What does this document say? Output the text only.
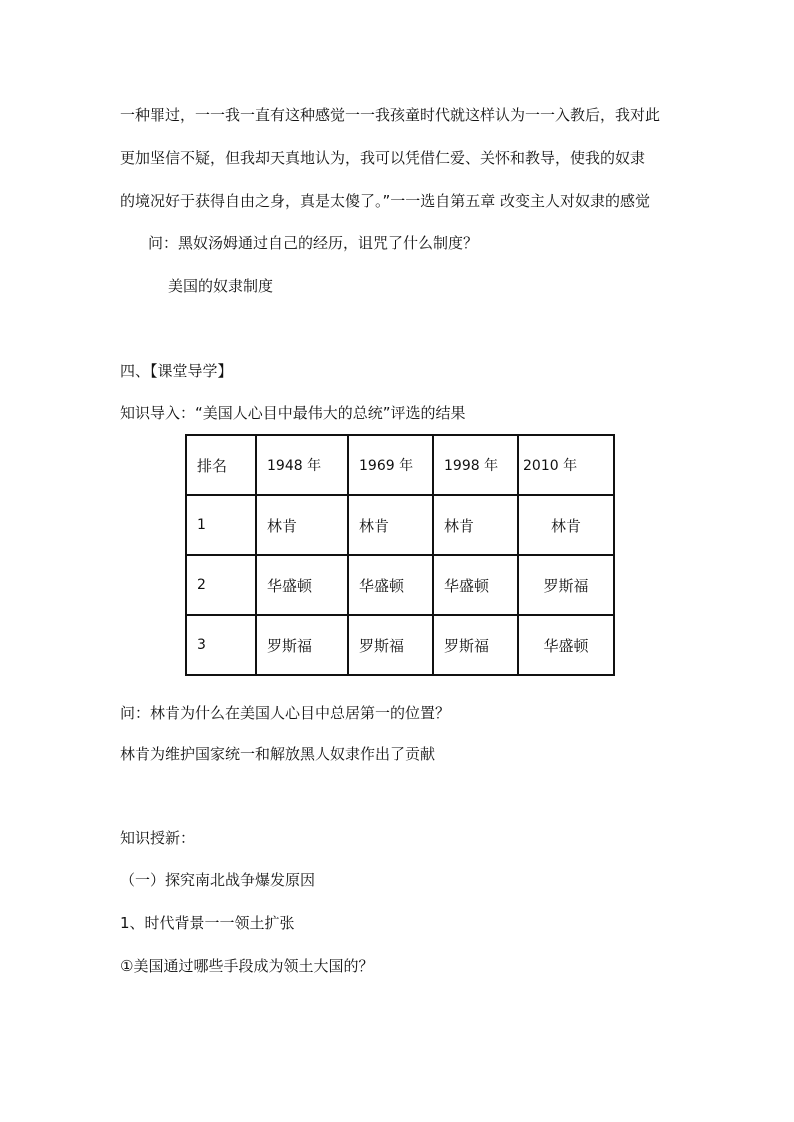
一种罪过，一一我一直有这种感觉一一我孩童时代就这样认为一一入教后，我对此
更加坚信不疑，但我却天真地认为，我可以凭借仁爱、关怀和教导，使我的奴隶
的境况好于获得自由之身，真是太傻了。”一一选自第五章 改变主人对奴隶的感觉
问：黑奴汤姆通过自己的经历，诅咒了什么制度？
美国的奴隶制度
四、【课堂导学】
知识导入：“美国人心目中最伟大的总统”评选的结果
排名	1948 年	1969 年	1998 年	2010 年
1	林肯	林肯	林肯	林肯
2	华盛顿	华盛顿	华盛顿	罗斯福
3	罗斯福	罗斯福	罗斯福	华盛顿
问：林肯为什么在美国人心目中总居第一的位置？
林肯为维护国家统一和解放黑人奴隶作出了贡献
知识授新：
（一）探究南北战争爆发原因
1、时代背景一一领土扩张
①美国通过哪些手段成为领土大国的？
